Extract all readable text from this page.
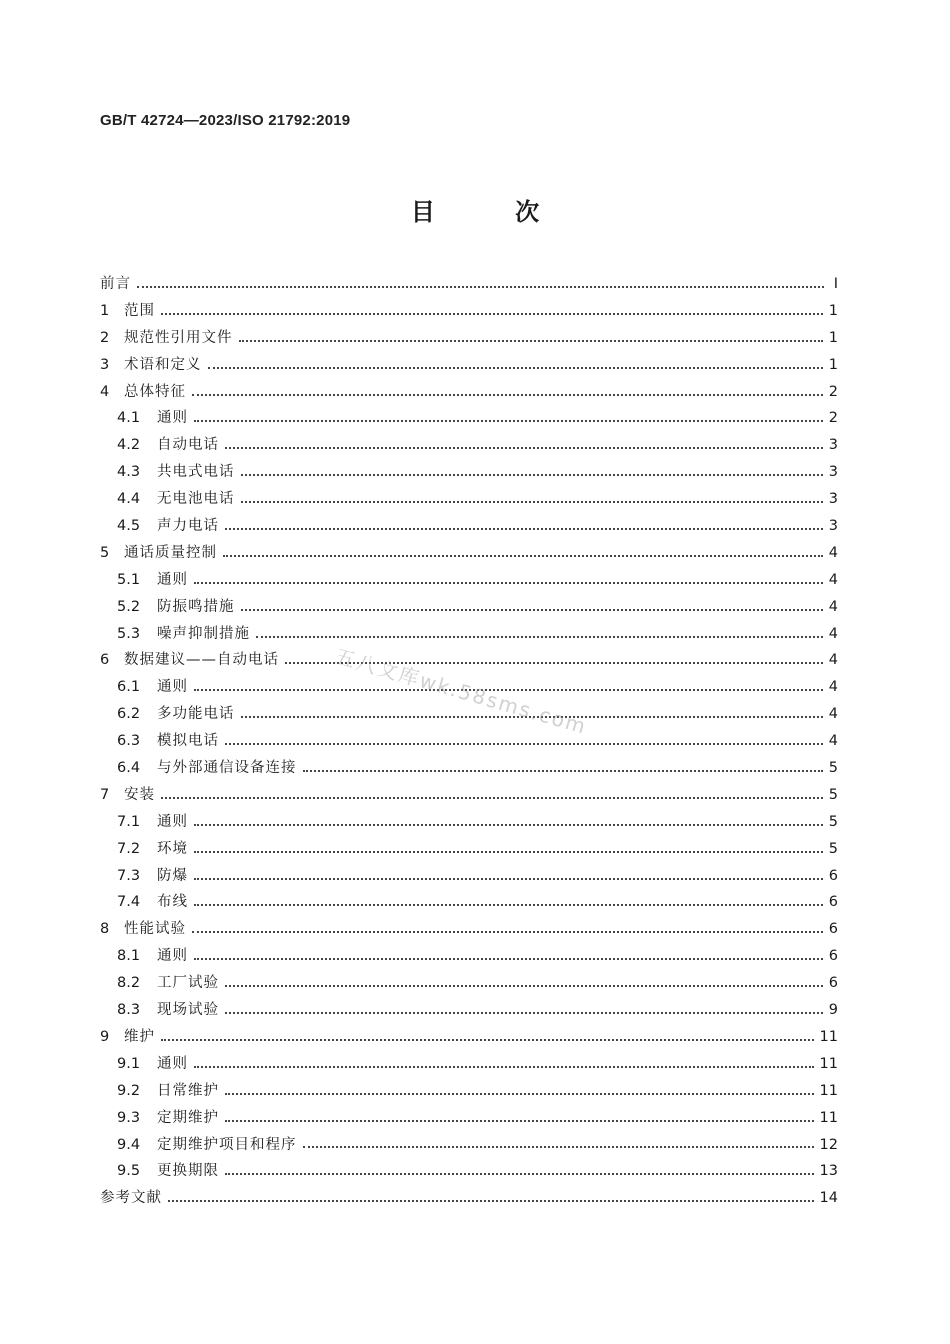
GB/T 42724—2023/ISO 21792:2019
目 次
前言	I
1	范围	1
2	规范性引用文件	1
3	术语和定义	1
4	总体特征	2
4.1	通则	2
4.2	自动电话	3
4.3	共电式电话	3
4.4	无电池电话	3
4.5	声力电话	3
5	通话质量控制	4
5.1	通则	4
5.2	防振鸣措施	4
5.3	噪声抑制措施	4
6	数据建议——自动电话	4
6.1	通则	4
6.2	多功能电话	4
6.3	模拟电话	4
6.4	与外部通信设备连接	5
7	安装	5
7.1	通则	5
7.2	环境	5
7.3	防爆	6
7.4	布线	6
8	性能试验	6
8.1	通则	6
8.2	工厂试验	6
8.3	现场试验	9
9	维护	11
9.1	通则	11
9.2	日常维护	11
9.3	定期维护	11
9.4	定期维护项目和程序	12
9.5	更换期限	13
参考文献	14
五八文库wk.58sms.com
